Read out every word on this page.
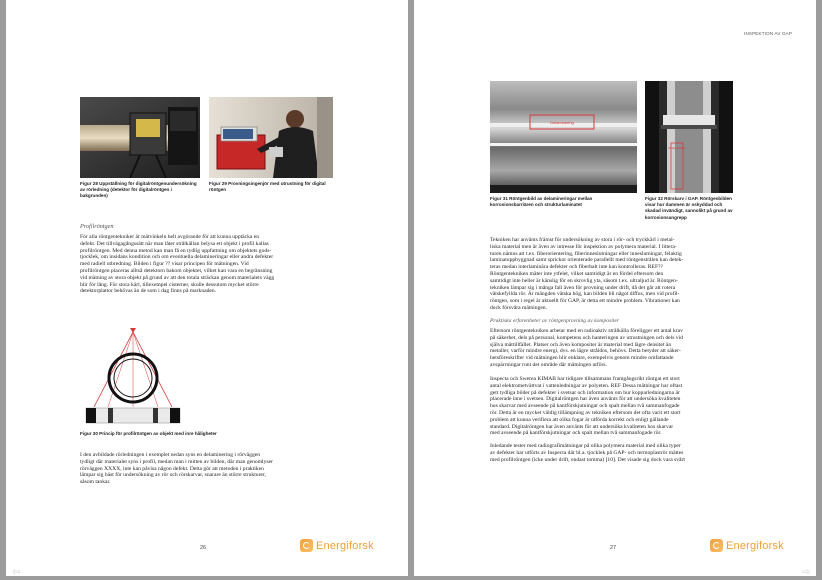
Figur 28 Uppställning för digitalröntgenundersökning av rörledning (detektor för digitalröntgen i bakgrunden)
Figur 29 Provningsingenjör med utrustning för digital röntgen
Profilröntgen
För alla röntgentekniker är mätvinkeln helt avgörande för att kunna upptäcka en
defekt. Det tillvägagångssätt när man låter strålkällan belysa ett objekt i profil kallas
profilröntgen. Med denna metod kan man få en tydlig uppfattning om objektets gods-
tjocklek, om insidans kondition och om eventuella delamineringar eller andra defekter
med radiell utbredning. Bilden i figur ?? visar principen för mätningen. Vid
profilröntgen placeras alltså detektorn bakom objektet, vilket kan vara en begränsning
vid mätning av stora objekt på grund av att den totala sträckan genom materialets vägg
blir för lång. För stora kärl, tillexempel cisterner, skulle dessutom mycket större
detektorplattor behövas än de som i dag finns på marknaden.
Figur 30 Princip för profilröntgen av objekt med inre håligheter
I den avbildade rörledningen i exemplet nedan syns en delaminering i rörväggen
tydligt där materialet syns i profil, medan man i mitten av bilden, där man genomlyser
rörväggen XXXX, inte kan påvisa någon defekt. Detta gör att metoden i praktiken
lämpar sig bäst för undersökning av rör och rörskarvar, snarare än större strukturer,
såsom tankar.
26	Energiforsk
⇦
INSPEKTION AV GAP
Delaminering
Figur 31 Röntgenbild av delamineringar mellan korrosionsbarriären och strukturlaminatet
Delamination
Figur 32 Rörskarv i GAP. Röntgenbilden visar hur dammen är oskyddad och skadad invändigt, sannolikt på grund av korrosionsangrepp
Tekniken har använts främst för undersökning av stora i rör- och tryckkärl i metal-
liska material men är även av intresse för inspektion av polymera material. I littera-
turen nämns att t.ex. fiberorientering, fiberinneslutningar eller inneslutningar, felaktig
laminatuppbyggnad samt sprickor orienterade parallellt med röntgenstrålen kan detek-
teras medan interlaminära defekter och fiberbalt inte kan kontrolleras. REF??
Röntgentekniken mäter inte ytfelet, vilket samtidigt är en fördel eftersom den
samtidigt inte heller är känslig för en skrovlig yta, såsom t.ex. ultraljud är. Röntgen-
tekniken lämpar sig i många fall även för provning under drift, då det går att rotera
vätskefyllda rör. Är mängden vätska hög, kan bilden bli något diffus, men vid profil-
röntgen, som i regel är aktuellt för GAP, är detta ett mindre problem. Vibrationer kan
dock försvåra mätningen.
Praktiska erfarenheter av röntgenprovning av kompositer
Eftersom röntgentekniken arbetar med en radioaktiv strålkälla föreligger ett antal krav
på säkerhet, dels på personal, kompetens och hanteringen av utrustningen och dels vid
själva mättillfället. Platser och även kompositer är material med lägre densitet än
metaller, varför mindre energi, dvs. en lägre stråldos, behövs. Detta betyder att säker-
hetsföreskrifter vid mätningen blir enklare, exempelvis genom mindre omfattande
avspärrningar runt det område där mätningen utförs.
Inspecta och Swerea KIMAB har tidigare tillsammans framgångsrikt röntgat ett stort
antal elektrometvättvat i vattenledningar av polyeten. REF Dessa mätningar har oftast
gett tydliga bilder på defekter i svetsar och information om hur kopparledningarna är
placerade inne i svetsen. Digitalröntgen har även använts för att undersöka kvaliteten
hos skarvar med avseende på kantförskjutningar och spalt mellan två sammanfogade
rör. Detta är en mycket väldig tillämpning av tekniken eftersom det ofta varit ett stort
problem att kunna verifiera att olika fogar är utförda korrekt och enligt gällande
standard. Digitalröntgen har även använts för att undersöka kvaliteten hos skarvar
med avseende på kantförskjutningar och spalt mellan två sammanfogade rör.
Inledande tester med radiografimätningar på olika polymera material med olika typer
av defekter har utförts av Inspecta där bl.a. tjocklek på GAP- och termoplaströr mättes
med profilröntgen (icke under drift, endast tomma) [10]. Det visade sig dock vara svårt
27	Energiforsk
⇨
